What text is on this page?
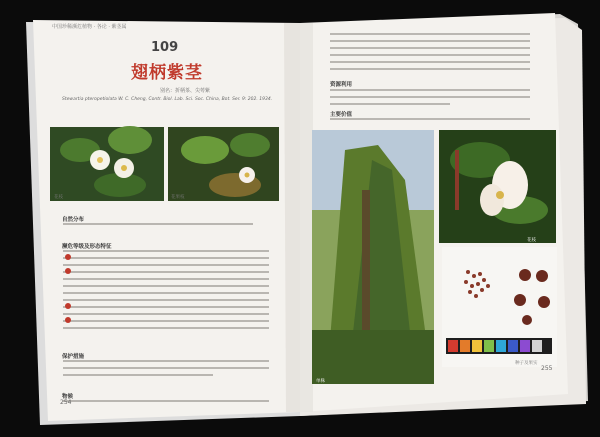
中国珍稀濒危植物 · 各论 · 紫茎属
109
翅柄紫茎
别名：折柄茶、尖萼紫
Stewartia pteropetiolata W. C. Cheng, Contr. Biol. Lab. Sci. Soc. China, Bot. Ser. 9: 202. 1934.
花枝	花果枝
自然分布
濒危等级及形态特征
保护措施
物候
资源利用
主要价值
单株
花枝
种子及果实
254
255
